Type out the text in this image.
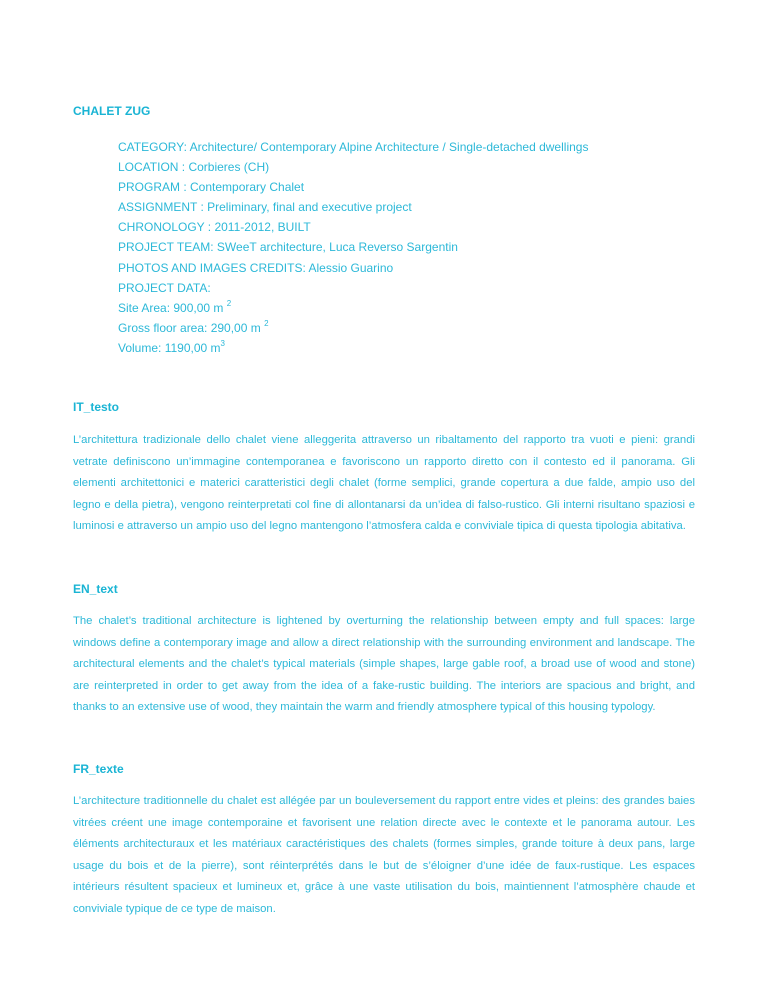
CHALET ZUG
CATEGORY: Architecture/ Contemporary Alpine Architecture / Single-detached dwellings
LOCATION : Corbieres (CH)
PROGRAM : Contemporary Chalet
ASSIGNMENT : Preliminary, final and executive project
CHRONOLOGY : 2011-2012, BUILT
PROJECT TEAM: SWeeT architecture, Luca Reverso Sargentin
PHOTOS AND IMAGES CREDITS: Alessio Guarino
PROJECT DATA:
Site Area: 900,00 m $^2$
Gross floor area: 290,00 m $^2$
Volume: 1190,00 $m^3$
IT_testo
L’architettura tradizionale dello chalet viene alleggerita attraverso un ribaltamento del rapporto tra vuoti e pieni: grandi vetrate definiscono un’immagine contemporanea e favoriscono un rapporto diretto con il contesto ed il panorama. Gli elementi architettonici e materici caratteristici degli chalet (forme semplici, grande copertura a due falde, ampio uso del legno e della pietra), vengono reinterpretati col fine di allontanarsi da un’idea di falso-rustico. Gli interni risultano spaziosi e luminosi e attraverso un ampio uso del legno mantengono l’atmosfera calda e conviviale tipica di questa tipologia abitativa.
EN_text
The chalet’s traditional architecture is lightened by overturning the relationship between empty and full spaces: large windows define a contemporary image and allow a direct relationship with the surrounding environment and landscape. The architectural elements and the chalet’s typical materials (simple shapes, large gable roof, a broad use of wood and stone) are reinterpreted in order to get away from the idea of a fake-rustic building. The interiors are spacious and bright, and thanks to an extensive use of wood, they maintain the warm and friendly atmosphere typical of this housing typology.
FR_texte
L’architecture traditionnelle du chalet est allégée par un bouleversement du rapport entre vides et pleins: des grandes baies vitrées créent une image contemporaine et favorisent une relation directe avec le contexte et le panorama autour. Les éléments architecturaux et les matériaux caractéristiques des chalets (formes simples, grande toiture à deux pans, large usage du bois et de la pierre), sont réinterprétés dans le but de s’éloigner d’une idée de faux-rustique. Les espaces intérieurs résultent spacieux et lumineux et, grâce à une vaste utilisation du bois, maintiennent l’atmosphère chaude et conviviale typique de ce type de maison.
